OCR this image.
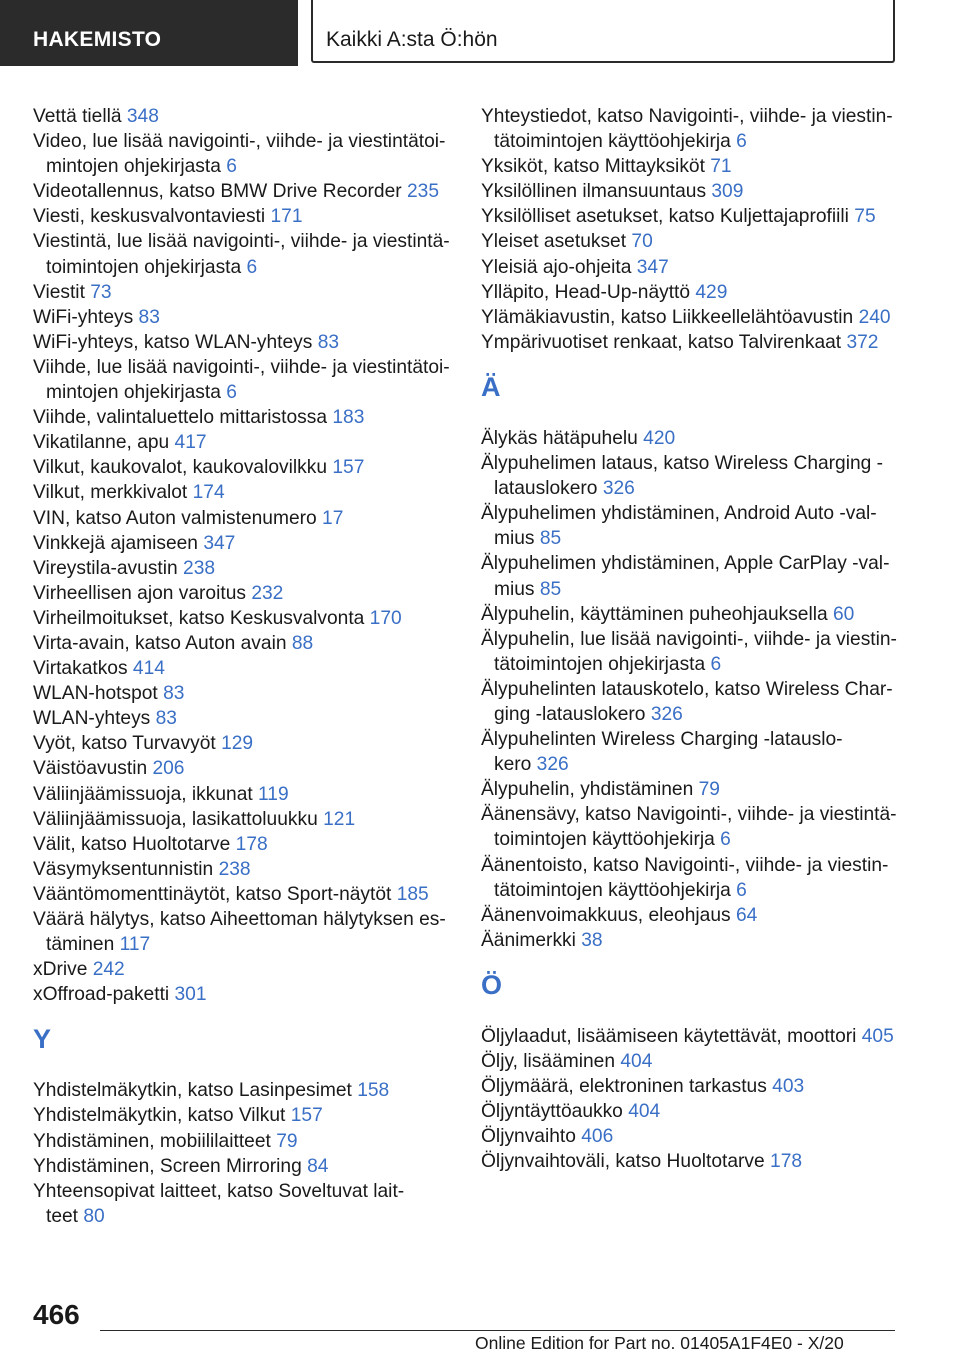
HAKEMISTO	Kaikki A:sta Ö:hön
Vettä tiellä 348
Video, lue lisää navigointi-, viihde- ja viestintätoi-
mintojen ohjekirjasta 6
Videotallennus, katso BMW Drive Recorder 235
Viesti, keskusvalvontaviesti 171
Viestintä, lue lisää navigointi-, viihde- ja viestintä-
toimintojen ohjekirjasta 6
Viestit 73
WiFi-yhteys 83
WiFi-yhteys, katso WLAN-yhteys 83
Viihde, lue lisää navigointi-, viihde- ja viestintätoi-
mintojen ohjekirjasta 6
Viihde, valintaluettelo mittaristossa 183
Vikatilanne, apu 417
Vilkut, kaukovalot, kaukovalovilkku 157
Vilkut, merkkivalot 174
VIN, katso Auton valmistenumero 17
Vinkkejä ajamiseen 347
Vireystila-avustin 238
Virheellisen ajon varoitus 232
Virheilmoitukset, katso Keskusvalvonta 170
Virta-avain, katso Auton avain 88
Virtakatkos 414
WLAN-hotspot 83
WLAN-yhteys 83
Vyöt, katso Turvavyöt 129
Väistöavustin 206
Väliinjäämissuoja, ikkunat 119
Väliinjäämissuoja, lasikattoluukku 121
Välit, katso Huoltotarve 178
Väsymyksentunnistin 238
Vääntömomenttinäytöt, katso Sport-näytöt 185
Väärä hälytys, katso Aiheettoman hälytyksen es-
täminen 117
xDrive 242
xOffroad-paketti 301
Y
Yhdistelmäkytkin, katso Lasinpesimet 158
Yhdistelmäkytkin, katso Vilkut 157
Yhdistäminen, mobiililaitteet 79
Yhdistäminen, Screen Mirroring 84
Yhteensopivat laitteet, katso Soveltuvat lait-
teet 80
Yhteystiedot, katso Navigointi-, viihde- ja viestin-
tätoimintojen käyttöohjekirja 6
Yksiköt, katso Mittayksiköt 71
Yksilöllinen ilmansuuntaus 309
Yksilölliset asetukset, katso Kuljettajaprofiili 75
Yleiset asetukset 70
Yleisiä ajo-ohjeita 347
Ylläpito, Head-Up-näyttö 429
Ylämäkiavustin, katso Liikkeellelähtöavustin 240
Ympärivuotiset renkaat, katso Talvirenkaat 372
Ä
Älykäs hätäpuhelu 420
Älypuhelimen lataus, katso Wireless Charging -
latauslokero 326
Älypuhelimen yhdistäminen, Android Auto -val-
mius 85
Älypuhelimen yhdistäminen, Apple CarPlay -val-
mius 85
Älypuhelin, käyttäminen puheohjauksella 60
Älypuhelin, lue lisää navigointi-, viihde- ja viestin-
tätoimintojen ohjekirjasta 6
Älypuhelinten latauskotelo, katso Wireless Char-
ging -latauslokero 326
Älypuhelinten Wireless Charging -latauslo-
kero 326
Älypuhelin, yhdistäminen 79
Äänensävy, katso Navigointi-, viihde- ja viestintä-
toimintojen käyttöohjekirja 6
Äänentoisto, katso Navigointi-, viihde- ja viestin-
tätoimintojen käyttöohjekirja 6
Äänenvoimakkuus, eleohjaus 64
Äänimerkki 38
Ö
Öljylaadut, lisäämiseen käytettävät, moottori 405
Öljy, lisääminen 404
Öljymäärä, elektroninen tarkastus 403
Öljyntäyttöaukko 404
Öljynvaihto 406
Öljynvaihtoväli, katso Huoltotarve 178
466
Online Edition for Part no. 01405A1F4E0 - X/20
